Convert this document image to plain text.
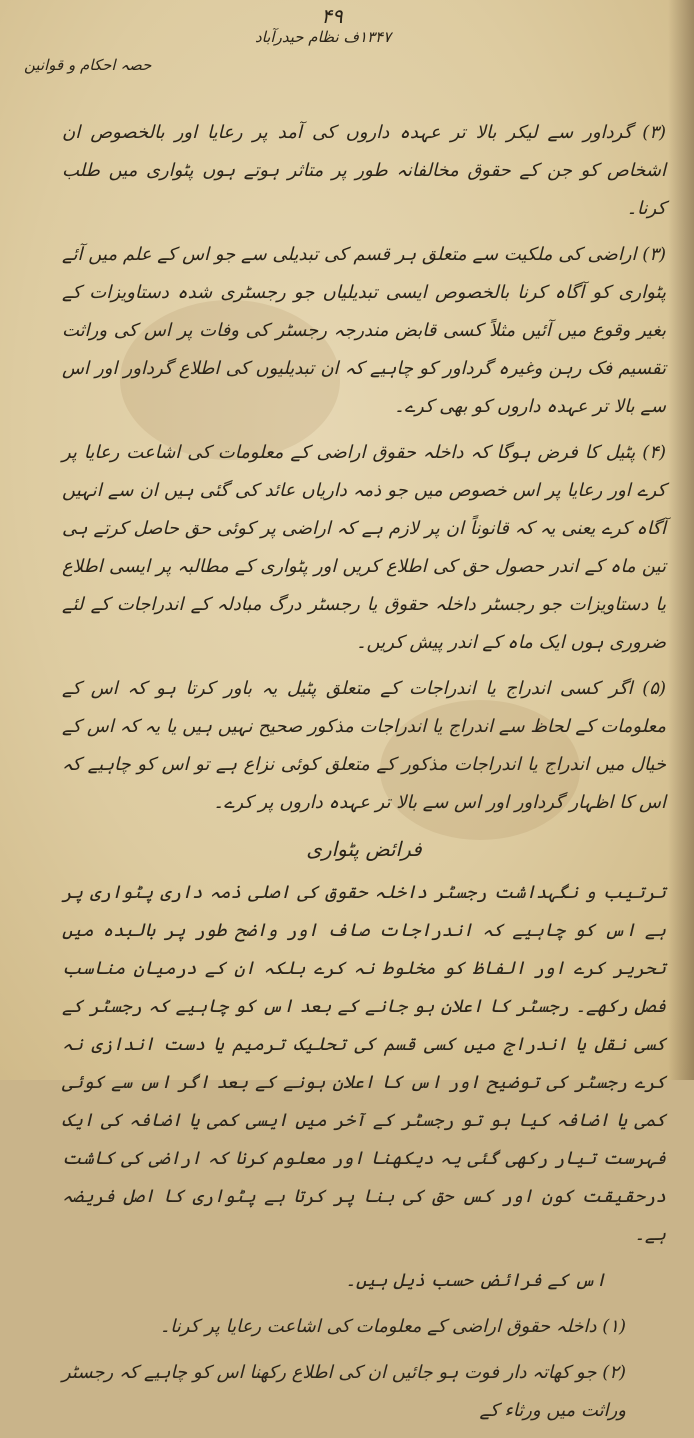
۴۹
۱۳۴۷ف نظام حیدرآباد
حصہ احکام و قوانین

(۳) گرداور سے لیکر بالا تر عہدہ داروں کی آمد پر رعایا اور بالخصوص ان اشخاص کو جن کے حقوق مخالفانہ طور پر متاثر ہوتے ہوں پٹواری میں طلب کرنا۔

(۳) اراضی کی ملکیت سے متعلق ہر قسم کی تبدیلی سے جو اس کے علم میں آئے پٹواری کو آگاہ کرنا بالخصوص ایسی تبدیلیاں جو رجسٹری شدہ دستاویزات کے بغیر وقوع میں آئیں مثلاً کسی قابض مندرجہ رجسٹر کی وفات پر اس کی وراثت تقسیم فک رہن وغیرہ گرداور کو چاہیے کہ ان تبدیلیوں کی اطلاع گرداور اور اس سے بالا تر عہدہ داروں کو بھی کرے۔

(۴) پٹیل کا فرض ہوگا کہ داخلہ حقوق اراضی کے معلومات کی اشاعت رعایا پر کرے اور رعایا پر اس خصوص میں جو ذمہ داریاں عائد کی گئی ہیں ان سے انہیں آگاہ کرے یعنی یہ کہ قانوناً ان پر لازم ہے کہ اراضی پر کوئی حق حاصل کرتے ہی تین ماہ کے اندر حصول حق کی اطلاع کریں اور پٹواری کے مطالبہ پر ایسی اطلاع یا دستاویزات جو رجسٹر داخلہ حقوق یا رجسٹر درگ مبادلہ کے اندراجات کے لئے ضروری ہوں ایک ماہ کے اندر پیش کریں۔

(۵) اگر کسی اندراج یا اندراجات کے متعلق پٹیل یہ باور کرتا ہو کہ اس کے معلومات کے لحاظ سے اندراج یا اندراجات مذکور صحیح نہیں ہیں یا یہ کہ اس کے خیال میں اندراج یا اندراجات مذکور کے متعلق کوئی نزاع ہے تو اس کو چاہیے کہ اس کا اظہار گرداور اور اس سے بالا تر عہدہ داروں پر کرے۔

فرائض پٹواری

ترتیب و نگہداشت رجسٹر داخلہ حقوق کی اصلی ذمہ داری پٹواری پر ہے اس کو چاہیے کہ اندراجات صاف اور واضح طور پر بالبدہ میں تحریر کرے اور الفاظ کو مخلوط نہ کرے بلکہ ان کے درمیان مناسب فصل رکھے۔ رجسٹر کا اعلان ہو جانے کے بعد اس کو چاہیے کہ رجسٹر کے کسی نقل یا اندراج میں کسی قسم کی تحلیک ترمیم یا دست اندازی نہ کرے رجسٹر کی توضیح اور اس کا اعلان ہونے کے بعد اگر اس سے کوئی کمی یا اضافہ کیا ہو تو رجسٹر کے آخر میں ایسی کمی یا اضافہ کی ایک فہرست تیار رکھی گئی یہ دیکھنا اور معلوم کرنا کہ اراضی کی کاشت درحقیقت کون اور کس حق کی بنا پر کرتا ہے پٹواری کا اصل فریضہ ہے۔

اس کے فرائض حسب ذیل ہیں۔

(۱) داخلہ حقوق اراضی کے معلومات کی اشاعت رعایا پر کرنا۔

(۲) جو کھاتہ دار فوت ہو جائیں ان کی اطلاع رکھنا اس کو چاہیے کہ رجسٹر وراثت میں ورثاء کے
